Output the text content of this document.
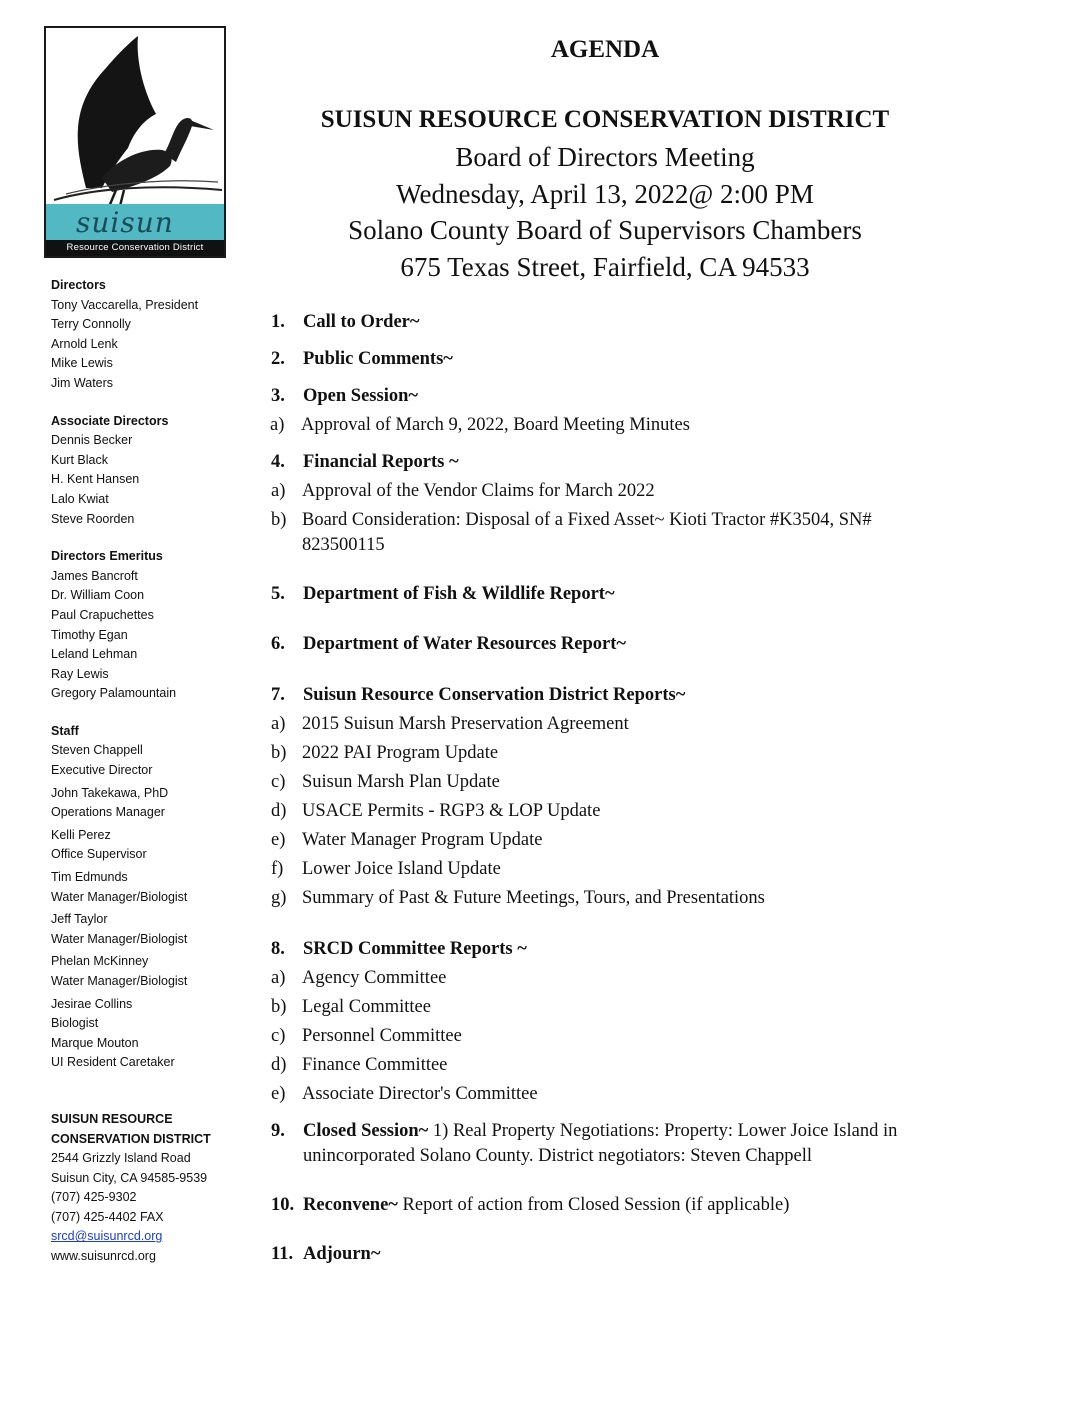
suisun
Resource Conservation District
Directors
Tony Vaccarella, President
Terry Connolly
Arnold Lenk
Mike Lewis
Jim Waters
Associate Directors
Dennis Becker
Kurt Black
H. Kent Hansen
Lalo Kwiat
Steve Roorden
Directors Emeritus
James Bancroft
Dr. William Coon
Paul Crapuchettes
Timothy Egan
Leland Lehman
Ray Lewis
Gregory Palamountain
Staff
Steven Chappell
Executive Director
John Takekawa, PhD
Operations Manager
Kelli Perez
Office Supervisor
Tim Edmunds
Water Manager/Biologist
Jeff Taylor
Water Manager/Biologist
Phelan McKinney
Water Manager/Biologist
Jesirae Collins
Biologist
Marque Mouton
UI Resident Caretaker
SUISUN RESOURCE
CONSERVATION DISTRICT
2544 Grizzly Island Road
Suisun City, CA 94585-9539
(707) 425-9302
(707) 425-4402 FAX
srcd@suisunrcd.org
www.suisunrcd.org
AGENDA
SUISUN RESOURCE CONSERVATION DISTRICT
Board of Directors Meeting
Wednesday, April 13, 2022@ 2:00 PM
Solano County Board of Supervisors Chambers
675 Texas Street, Fairfield, CA 94533
1. Call to Order~
2. Public Comments~
3. Open Session~
a) Approval of March 9, 2022, Board Meeting Minutes
4. Financial Reports ~
a) Approval of the Vendor Claims for March 2022
b) Board Consideration: Disposal of a Fixed Asset~ Kioti Tractor #K3504, SN# 823500115
5. Department of Fish & Wildlife Report~
6. Department of Water Resources Report~
7. Suisun Resource Conservation District Reports~
a) 2015 Suisun Marsh Preservation Agreement
b) 2022 PAI Program Update
c) Suisun Marsh Plan Update
d) USACE Permits - RGP3 & LOP Update
e) Water Manager Program Update
f)	Lower Joice Island Update
g) Summary of Past & Future Meetings, Tours, and Presentations
8. SRCD Committee Reports ~
a) Agency Committee
b) Legal Committee
c) Personnel Committee
d) Finance Committee
e) Associate Director's Committee
9. Closed Session~ 1) Real Property Negotiations: Property: Lower Joice Island in unincorporated Solano County. District negotiators: Steven Chappell
10. Reconvene~ Report of action from Closed Session (if applicable)
11. Adjourn~
